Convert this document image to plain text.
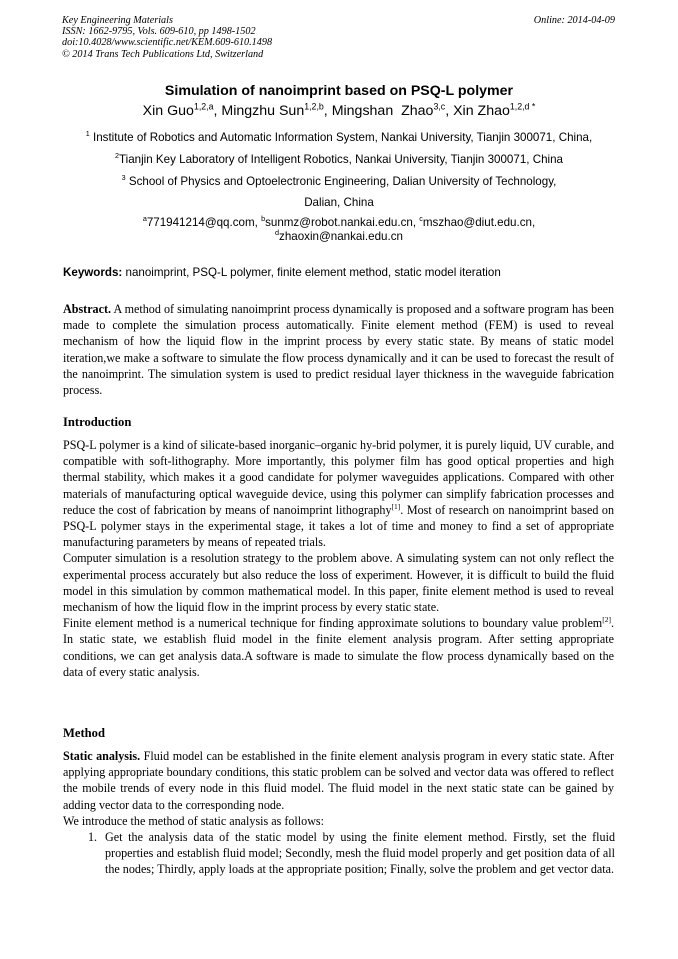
Key Engineering Materials
ISSN: 1662-9795, Vols. 609-610, pp 1498-1502
doi:10.4028/www.scientific.net/KEM.609-610.1498
© 2014 Trans Tech Publications Ltd, Switzerland
Online: 2014-04-09
Simulation of nanoimprint based on PSQ-L polymer
Xin Guo$^{1,2,a}$, Mingzhu Sun$^{1,2,b}$, Mingshan  Zhao$^{3,c}$, Xin Zhao$^{1,2,d *}$
$^1$ Institute of Robotics and Automatic Information System, Nankai University, Tianjin 300071, China,
$^2$Tianjin Key Laboratory of Intelligent Robotics, Nankai University, Tianjin 300071, China
$^3$ School of Physics and Optoelectronic Engineering, Dalian University of Technology,
Dalian, China
$^a$771941214@qq.com, $^b$sunmz@robot.nankai.edu.cn, $^c$mszhao@diut.edu.cn,
$^d$zhaoxin@nankai.edu.cn
Keywords: nanoimprint, PSQ-L polymer, finite element method, static model iteration
Abstract. A method of simulating nanoimprint process dynamically is proposed and a software program has been made to complete the simulation process automatically. Finite element method (FEM) is used to reveal mechanism of how the liquid flow in the imprint process by every static state. By means of static model iteration,we make a software to simulate the flow process dynamically and it can be used to forecast the result of the nanoimprint. The simulation system is used to predict residual layer thickness in the waveguide fabrication process.
Introduction
PSQ-L polymer is a kind of silicate-based inorganic–organic hy-brid polymer, it is purely liquid, UV curable, and compatible with soft-lithography. More importantly, this polymer film has good optical properties and high thermal stability, which makes it a good candidate for polymer waveguides applications. Compared with other materials of manufacturing optical waveguide device, using this polymer can simplify fabrication processes and reduce the cost of fabrication by means of nanoimprint lithography[1]. Most of research on nanoimprint based on PSQ-L polymer stays in the experimental stage, it takes a lot of time and money to find a set of appropriate manufacturing parameters by means of repeated trials.
Computer simulation is a resolution strategy to the problem above. A simulating system can not only reflect the experimental process accurately but also reduce the loss of experiment. However, it is difficult to build the fluid model in this simulation by common mathematical model. In this paper, finite element method is used to reveal mechanism of how the liquid flow in the imprint process by every static state.
Finite element method is a numerical technique for finding approximate solutions to boundary value problem[2]. In static state, we establish fluid model in the finite element analysis program. After setting appropriate conditions, we can get analysis data.A software is made to simulate the flow process dynamically based on the data of every static analysis.
Method
Static analysis. Fluid model can be established in the finite element analysis program in every static state. After applying appropriate boundary conditions, this static problem can be solved and vector data was offered to reflect the mobile trends of every node in this fluid model. The fluid model in the next static state can be gained by adding vector data to the corresponding node.
We introduce the method of static analysis as follows:
1. Get the analysis data of the static model by using the finite element method. Firstly, set the fluid properties and establish fluid model; Secondly, mesh the fluid model properly and get position data of all the nodes; Thirdly, apply loads at the appropriate position; Finally, solve the problem and get vector data.
